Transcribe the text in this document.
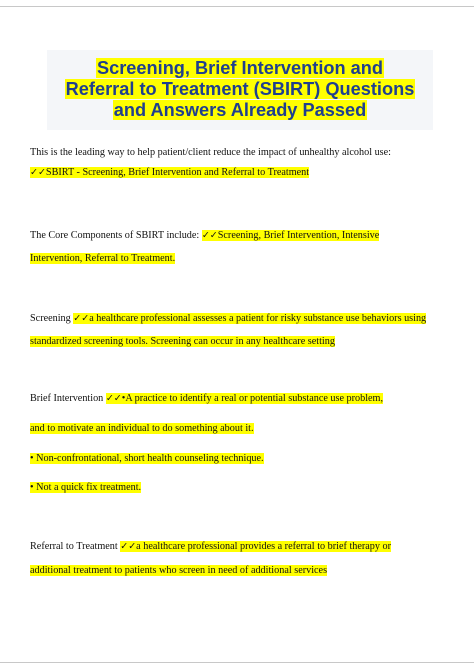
Screening, Brief Intervention and
Referral to Treatment (SBIRT) Questions
and Answers Already Passed
This is the leading way to help patient/client reduce the impact of unhealthy alcohol use:
✓✓SBIRT - Screening, Brief Intervention and Referral to Treatment
The Core Components of SBIRT include: ✓✓Screening, Brief Intervention, Intensive
Intervention, Referral to Treatment.
Screening ✓✓a healthcare professional assesses a patient for risky substance use behaviors using
standardized screening tools. Screening can occur in any healthcare setting
Brief Intervention ✓✓•A practice to identify a real or potential substance use problem,
and to motivate an individual to do something about it.
• Non-confrontational, short health counseling technique.
• Not a quick fix treatment.
Referral to Treatment ✓✓a healthcare professional provides a referral to brief therapy or
additional treatment to patients who screen in need of additional services
